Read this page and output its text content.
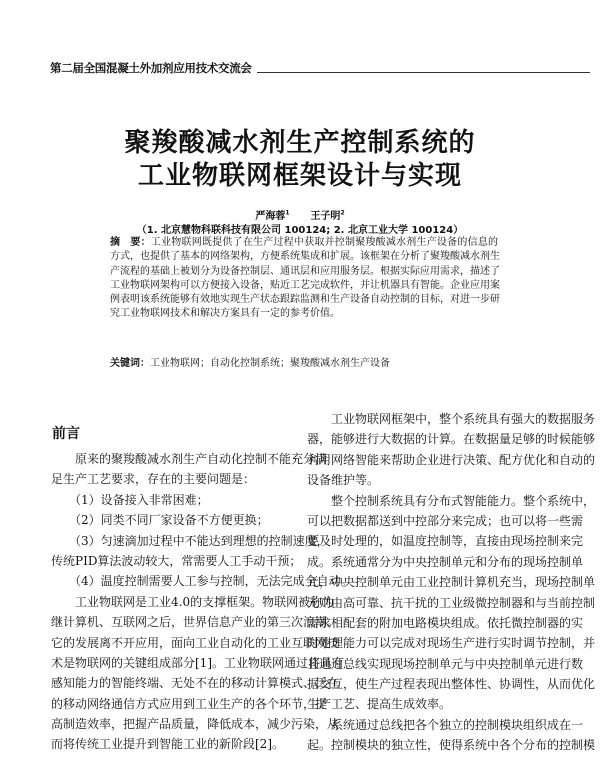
第二届全国混凝土外加剂应用技术交流会
聚羧酸减水剂生产控制系统的
工业物联网框架设计与实现
严海蓉$^1$ 王子明$^2$
（1. 北京慧物科联科技有限公司 100124; 2. 北京工业大学 100124）
摘　要：工业物联网既提供了在生产过程中获取并控制聚羧酸减水剂生产设备的信息的
方式，也提供了基本的网络架构，方便系统集成和扩展。该框架在分析了聚羧酸减水剂生
产流程的基础上被划分为设备控制层、通讯层和应用服务层。根据实际应用需求，描述了
工业物联网架构可以方便接入设备，贴近工艺完成软件，并让机器具有智能。企业应用案
例表明该系统能够有效地实现生产状态跟踪监测和生产设备自动控制的目标，对进一步研
究工业物联网技术和解决方案具有一定的参考价值。
关键词：工业物联网；自动化控制系统；聚羧酸减水剂生产设备
前言
　　原来的聚羧酸减水剂生产自动化控制不能充分满
足生产工艺要求，存在的主要问题是：
　　（1）设备接入非常困难；
　　（2）同类不同厂家设备不方便更换；
　　（3）匀速滴加过程中不能达到理想的控制速度，
传统PID算法波动较大，常需要人工手动干预；
　　（4）温度控制需要人工参与控制，无法完成全自动。
　　工业物联网是工业4.0的支撑框架。物联网被称为
继计算机、互联网之后，世界信息产业的第三次浪潮。
它的发展离不开应用，面向工业自动化的工业互联网技
术是物联网的关键组成部分[1]。工业物联网通过将具有
感知能力的智能终端、无处不在的移动计算模式、泛在
的移动网络通信方式应用到工业生产的各个环节，提
高制造效率，把握产品质量，降低成本，减少污染，从
而将传统工业提升到智能工业的新阶段[2]。
　　工业物联网框架中，整个系统具有强大的数据服务
器，能够进行大数据的计算。在数据量足够的时候能够
利用网络智能来帮助企业进行决策、配方优化和自动的
设备维护等。
　　整个控制系统具有分布式智能能力。整个系统中，
可以把数据都送到中控部分来完成；也可以将一些需
要及时处理的，如温度控制等，直接由现场控制来完
成。系统通常分为中央控制单元和分布的现场控制单
元，中央控制单元由工业控制计算机充当，现场控制单
元则由高可靠、抗干扰的工业级微控制器和与当前控制
需求相配套的附加电路模块组成。依托微控制器的实
时处理能力可以完成对现场生产进行实时调节控制，并
且通过总线实现现场控制单元与中央控制单元进行数
据交互，使生产过程表现出整体性、协调性，从而优化
生产工艺、提高生成效率。
　　系统通过总线把各个独立的控制模块组织成在一
起。控制模块的独立性，使得系统中各个分布的控制模
